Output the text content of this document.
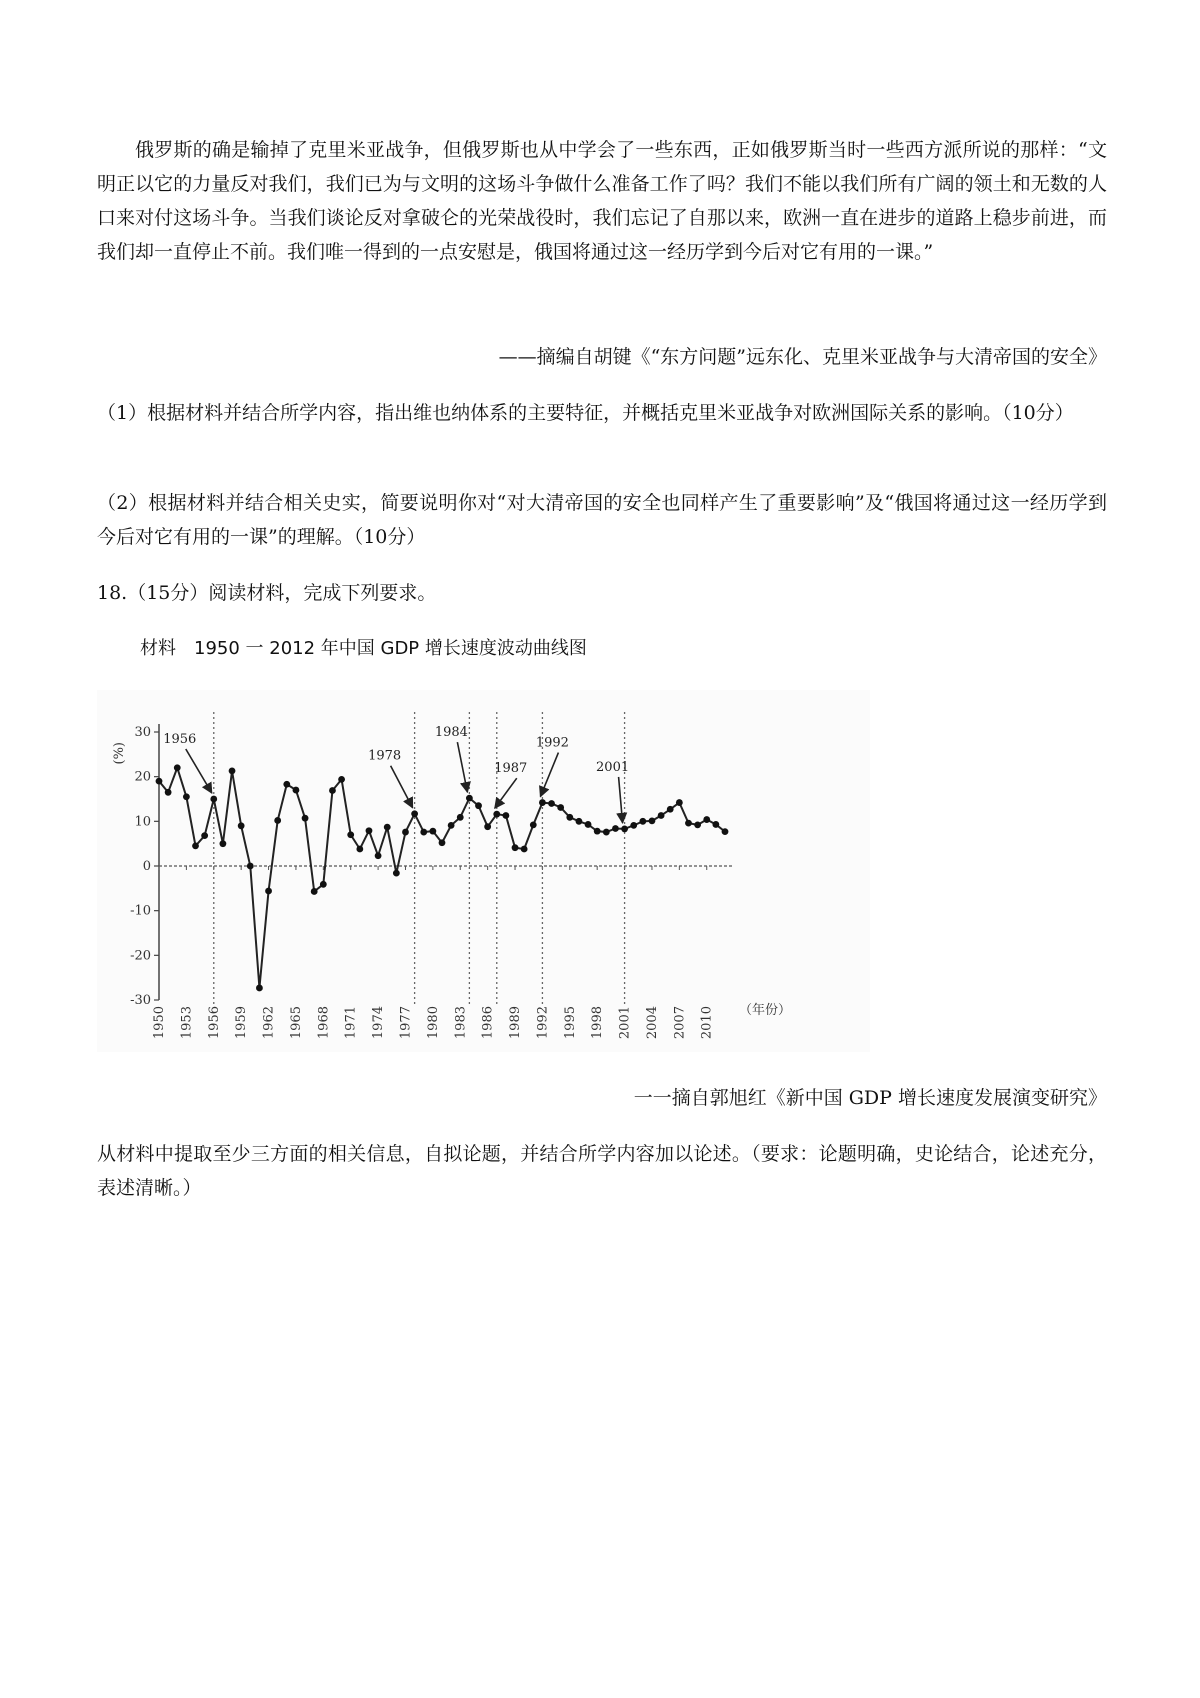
俄罗斯的确是输掉了克里米亚战争，但俄罗斯也从中学会了一些东西，正如俄罗斯当时一些西方派所说的那样：“文明正以它的力量反对我们，我们已为与文明的这场斗争做什么准备工作了吗？我们不能以我们所有广阔的领土和无数的人口来对付这场斗争。当我们谈论反对拿破仑的光荣战役时，我们忘记了自那以来，欧洲一直在进步的道路上稳步前进，而我们却一直停止不前。我们唯一得到的一点安慰是，俄国将通过这一经历学到今后对它有用的一课。”

——摘编自胡键《“东方问题”远东化、克里米亚战争与大清帝国的安全》

（1）根据材料并结合所学内容，指出维也纳体系的主要特征，并概括克里米亚战争对欧洲国际关系的影响。（10分）

（2）根据材料并结合相关史实，简要说明你对“对大清帝国的安全也同样产生了重要影响”及“俄国将通过这一经历学到今后对它有用的一课”的理解。（10分）

18.（15分）阅读材料，完成下列要求。

材料　1950 一 2012 年中国 GDP 增长速度波动曲线图

1956
1978
1984
1987
1992
2001
30
20
10
0
-10
-20
-30
(%)
1950 1953 1956 1959 1962 1965 1968 1971 1974 1977 1980 1983 1986 1989 1992 1995 1998 2001 2004 2007 2010 （年份）

一一摘自郭旭红《新中国 GDP 增长速度发展演变研究》

从材料中提取至少三方面的相关信息，自拟论题，并结合所学内容加以论述。（要求：论题明确，史论结合，论述充分，表述清晰。）
